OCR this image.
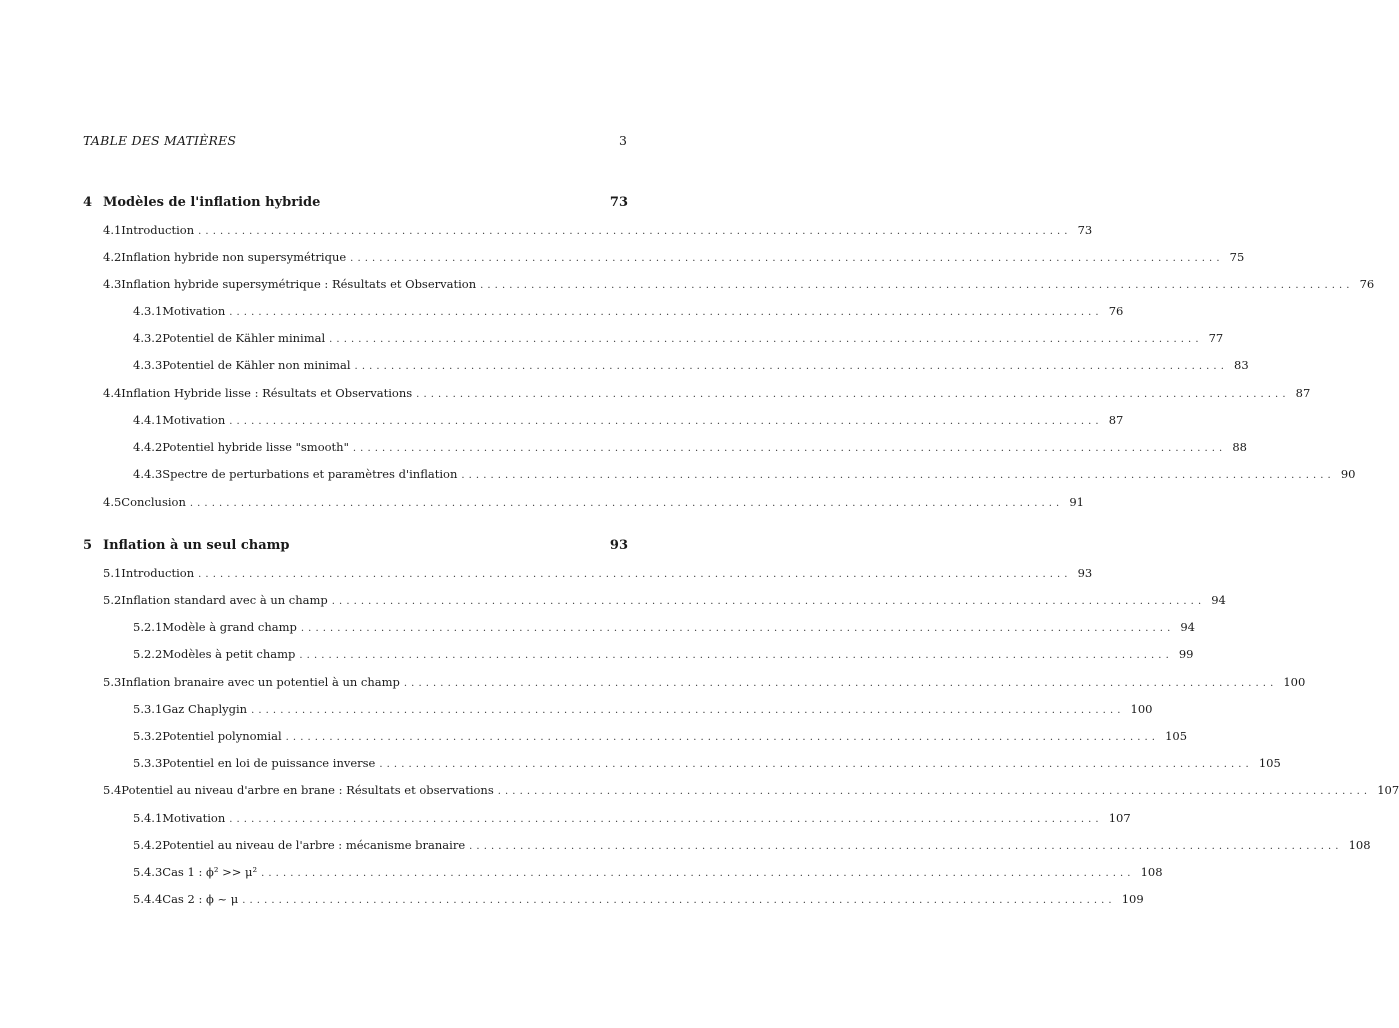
TABLE DES MATIÈRES	3
4 Modèles de l'inflation hybride	73
4.1 Introduction ........................................................................................................................ 73
4.2 Inflation hybride non supersymétrique ........................................................................................................................ 75
4.3 Inflation hybride supersymétrique : Résultats et Observation ........................................................................................................................ 76
4.3.1 Motivation ........................................................................................................................ 76
4.3.2 Potentiel de Kähler minimal ........................................................................................................................ 77
4.3.3 Potentiel de Kähler non minimal ........................................................................................................................ 83
4.4 Inflation Hybride lisse : Résultats et Observations ........................................................................................................................ 87
4.4.1 Motivation ........................................................................................................................ 87
4.4.2 Potentiel hybride lisse "smooth" ........................................................................................................................ 88
4.4.3 Spectre de perturbations et paramètres d'inflation ........................................................................................................................ 90
4.5 Conclusion ........................................................................................................................ 91
5 Inflation à un seul champ	93
5.1 Introduction ........................................................................................................................ 93
5.2 Inflation standard avec à un champ ........................................................................................................................ 94
5.2.1 Modèle à grand champ ........................................................................................................................ 94
5.2.2 Modèles à petit champ ........................................................................................................................ 99
5.3 Inflation branaire avec un potentiel à un champ ........................................................................................................................ 100
5.3.1 Gaz Chaplygin ........................................................................................................................ 100
5.3.2 Potentiel polynomial ........................................................................................................................ 105
5.3.3 Potentiel en loi de puissance inverse ........................................................................................................................ 105
5.4 Potentiel au niveau d'arbre en brane : Résultats et observations ........................................................................................................................ 107
5.4.1 Motivation ........................................................................................................................ 107
5.4.2 Potentiel au niveau de l'arbre : mécanisme branaire ........................................................................................................................ 108
5.4.3 Cas 1 : ϕ² >> μ² ........................................................................................................................ 108
5.4.4 Cas 2 : ϕ ~ μ ........................................................................................................................ 109
